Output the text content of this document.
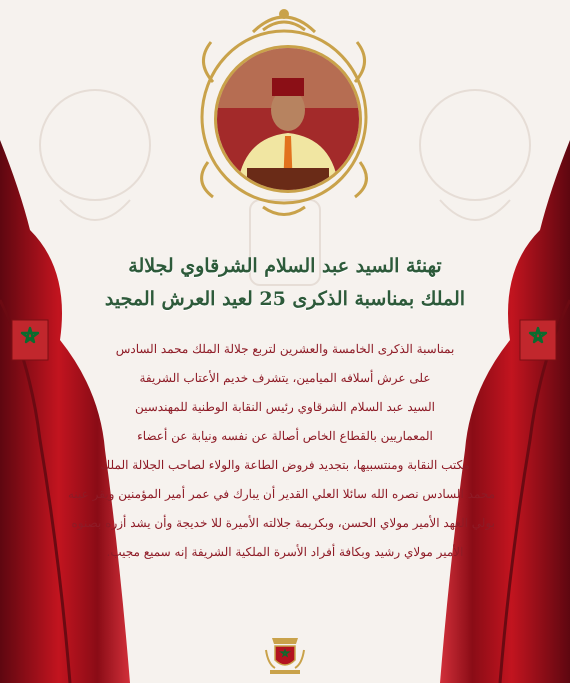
تهنئة السيد عبد السلام الشرقاوي لجلالة
الملك بمناسبة الذكرى 25 لعيد العرش المجيد
بمناسبة الذكرى الخامسة والعشرين لتربع جلالة الملك محمد السادس
على عرش أسلافه الميامين، يتشرف خديم الأعتاب الشريفة
السيد عبد السلام الشرقاوي رئيس النقابة الوطنية للمهندسين
المعماريين بالقطاع الخاص أصالة عن نفسه ونيابة عن أعضاء
مكتب النقابة ومنتسبيها، بتجديد فروض الطاعة والولاء لصاحب الجلالة الملك
محمد السادس نصره الله سائلا العلي القدير أن يبارك في عمر أمير المؤمنين ويقر عينه
بولي العهد الأمير مولاي الحسن، وبكريمة جلالته الأميرة للا خديجة وأن يشد أزره بصنوه
الأمير مولاي رشيد وبكافة أفراد الأسرة الملكية الشريفة إنه سميع مجيب.
